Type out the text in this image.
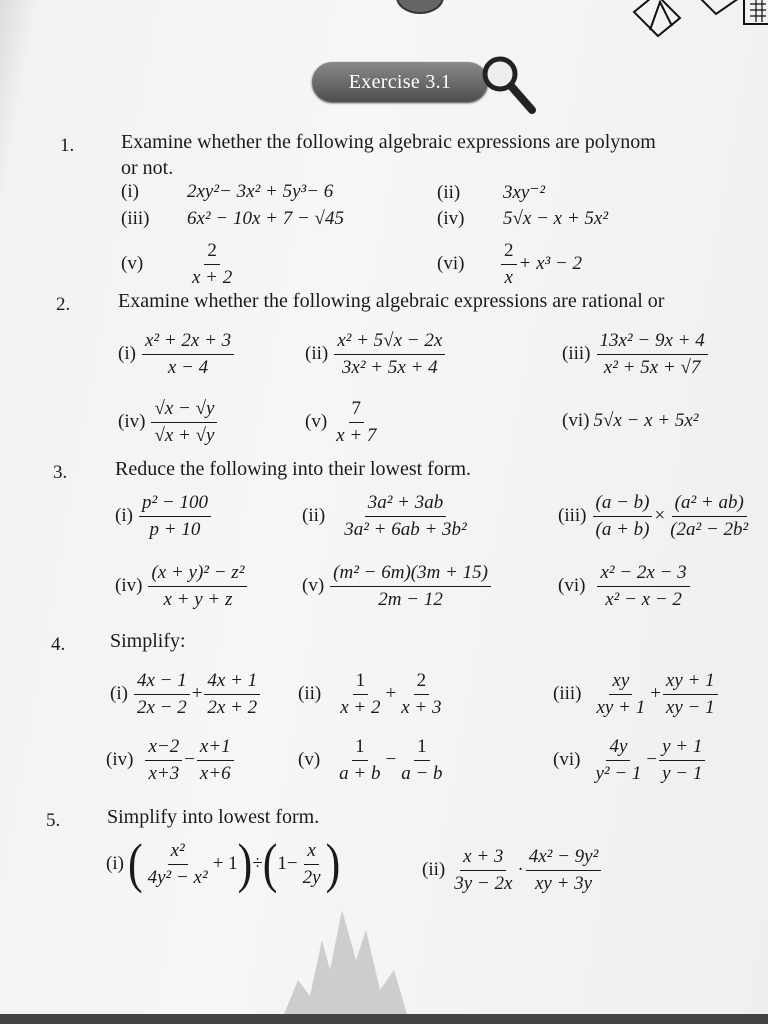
Exercise 3.1
1. Examine whether the following algebraic expressions are polynom
or not.
(i)	2xy²− 3x² + 5y³− 6	(ii)	3xy⁻²
(iii)	6x² − 10x + 7 − √45	(iv)	5√x − x + 5x²
(v)	$\frac{2}{x + 2}$	(vi)	$\frac{2}{x} + x^3 - 2$
2. Examine whether the following algebraic expressions are rational or
$(i) \frac{\text{x² + 2x + 3}}{x - 4}$	$(ii) \frac{\text{x² + 5√x − 2x}}{\text{3x² + 5x + 4}}$	$(iii) \frac{\text{13x² − 9x + 4}}{\text{x² + 5x + √7}}$
$(iv) \frac{√x - √y}{√x + √y}$	$(v) \frac{7}{x + 7}$	(vi) 5√x − x + 5x²
3. Reduce the following into their lowest form.
$(i) \frac{\text{p² − 100}}{p + 10}$	$(ii) \frac{\text{3a² + 3ab}}{\text{3a² + 6ab + 3b²}}$	$(iii) \frac{(a - b)}{(a + b)} \times \frac{\text{(a² + ab)}}{\text{(2a² − 2b²}}$
$(iv) \frac{\text{(x + y)² − z²}}{x + y + z}$	$(v) \frac{\text{(m² − 6m)(3m + 15)}}{2m - 12}$	$(vi) \frac{\text{x² − 2x − 3}}{\text{x² − x − 2}}$
4. Simplify:
$(i) \frac{4x - 1}{2x - 2} + \frac{4x + 1}{2x + 2} (ii) \frac{1}{x + 2} + \frac{2}{x + 3}$	$(iii) \frac{xy}{xy + 1} + \frac{xy + 1}{xy - 1}$
$(iv) \frac{x-2}{x+3} - \frac{x+1}{x+6}$	$(v) \frac{1}{a + b} - \frac{1}{a - b}$	$(vi) \frac{4y}{\text{y² − 1}} - \frac{y + 1}{y - 1}$
5. Simplify into lowest form.
(i) ( $\frac{\text{x²}}{\text{4y² − x²}} + 1$ ) ÷ ( $1- \frac{x}{2y}$ )	$(ii) \frac{x + 3}{3y - 2x} \cdot \frac{\text{4x² − 9y²}}{xy + 3y}$
